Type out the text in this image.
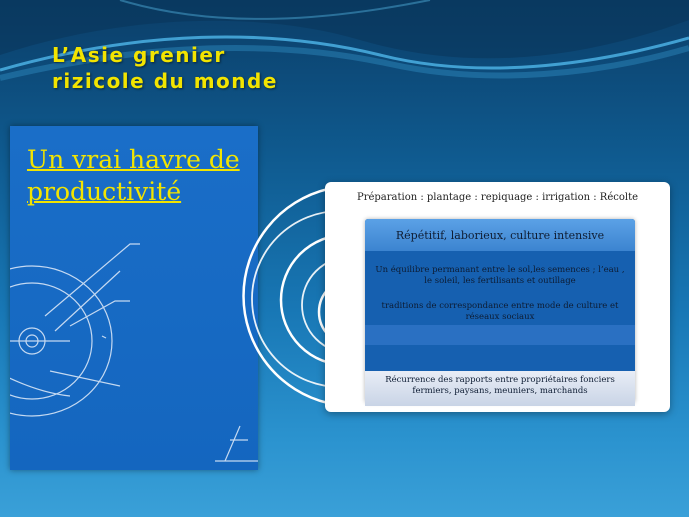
L’Asie grenier rizicole du monde
Un vrai havre de productivité	Préparation : plantage : repiquage : irrigation : Récolte
Répétitif, laborieux, culture intensive
Un équilibre permanant entre le sol,les semences ; l’eau , le soleil, les fertilisants et outillage
traditions de correspondance entre mode de culture et réseaux sociaux
Récurrence des rapports entre propriétaires fonciers fermiers, paysans, meuniers, marchands
